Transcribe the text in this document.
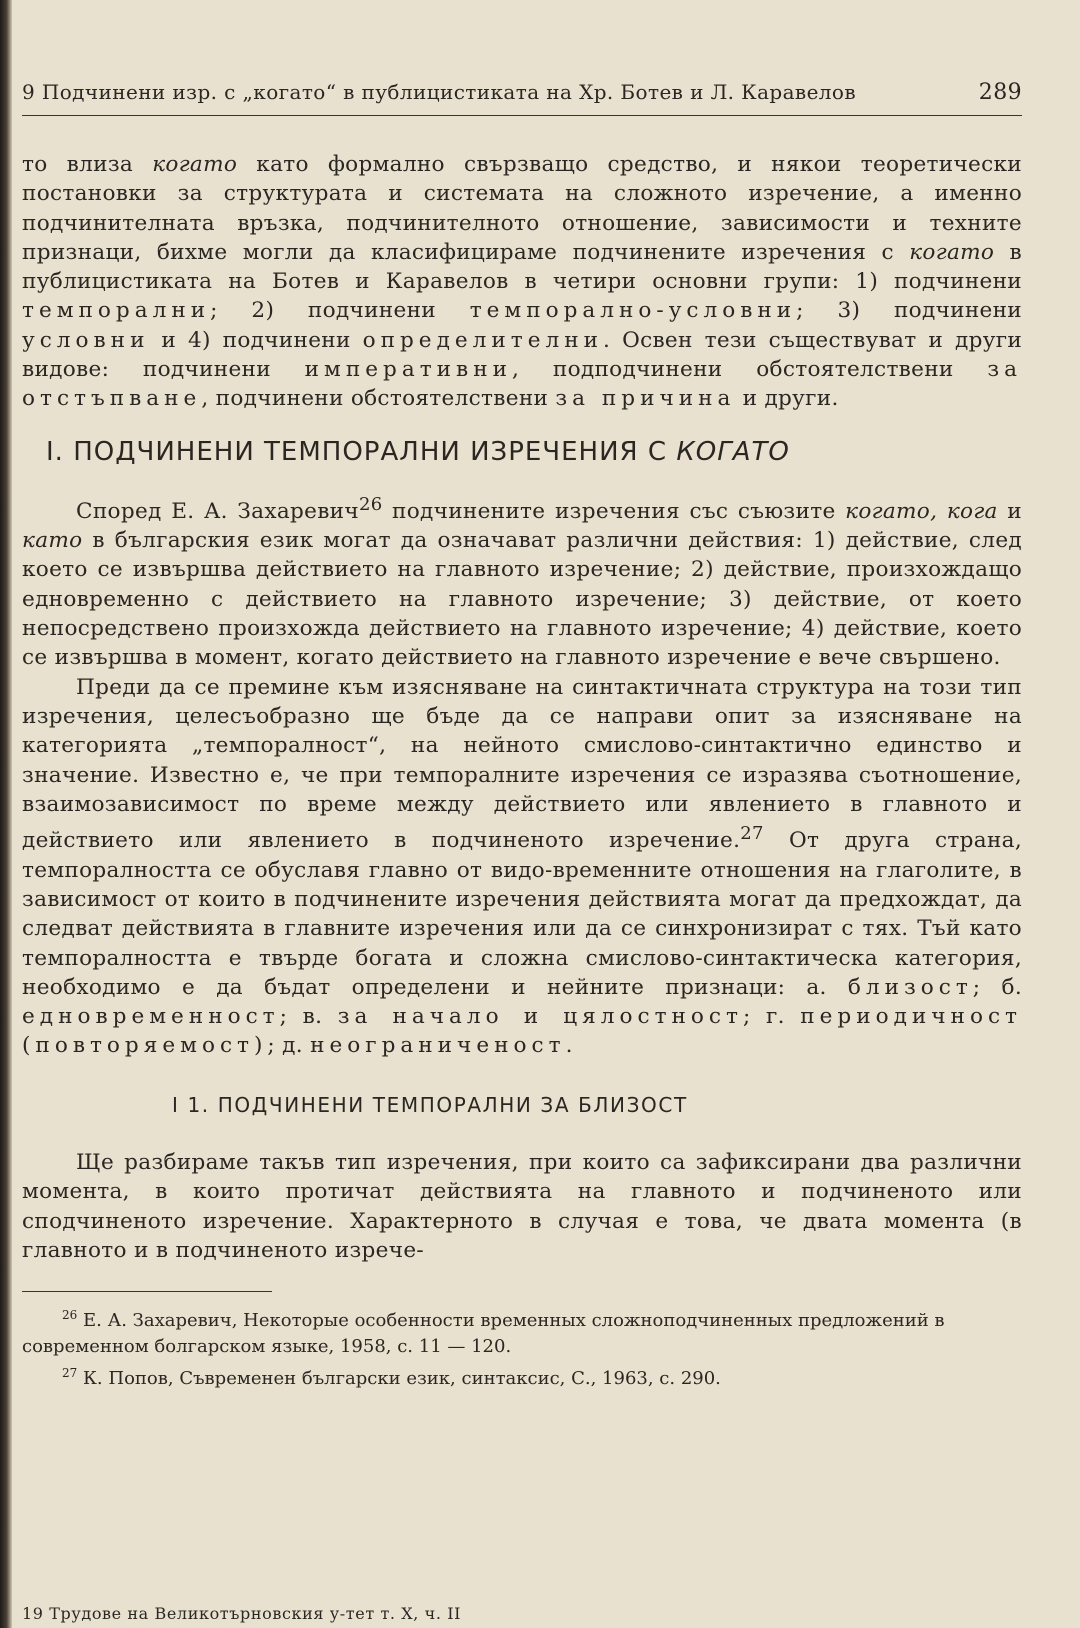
9 Подчинени изр. с „когато“ в публицистиката на Хр. Ботев и Л. Каравелов	289

то влиза когато като формално свързващо средство, и някои теоретически постановки за структурата и системата на сложното изречение, а именно подчинителната връзка, подчинителното отношение, зависимости и техните признаци, бихме могли да класифицираме подчинените изречения с когато в публицистиката на Ботев и Каравелов в четири основни групи: 1) подчинени темпорални; 2) подчинени темпорално-условни; 3) подчинени условни и 4) подчинени определителни. Освен тези съществуват и други видове: подчинени императивни, подподчинени обстоятелствени за отстъпване, подчинени обстоятелствени за причина и други.

I. ПОДЧИНЕНИ ТЕМПОРАЛНИ ИЗРЕЧЕНИЯ С КОГАТО

Според Е. А. Захаревич$^{26}$ подчинените изречения със съюзите когато, кога и като в българския език могат да означават различни действия: 1) действие, след което се извършва действието на главното изречение; 2) действие, произхождащо едновременно с действието на главното изречение; 3) действие, от което непосредствено произхожда действието на главното изречение; 4) действие, което се извършва в момент, когато действието на главното изречение е вече свършено.

Преди да се премине към изясняване на синтактичната структура на този тип изречения, целесъобразно ще бъде да се направи опит за изясняване на категорията „темпоралност“, на нейното смислово-синтактично единство и значение. Известно е, че при темпоралните изречения се изразява съотношение, взаимозависимост по време между действието или явлението в главното и действието или явлението в подчиненото изречение.$^{27}$ От друга страна, темпоралността се обуславя главно от видо-временните отношения на глаголите, в зависимост от които в подчинените изречения действията могат да предхождат, да следват действията в главните изречения или да се синхронизират с тях. Тъй като темпоралността е твърде богата и сложна смислово-синтактическа категория, необходимо е да бъдат определени и нейните признаци: а. близост; б. едновременност; в. за начало и цялостност; г. периодичност (повторяемост); д. неограниченост.

I 1. ПОДЧИНЕНИ ТЕМПОРАЛНИ ЗА БЛИЗОСТ

Ще разбираме такъв тип изречения, при които са зафиксирани два различни момента, в които протичат действията на главното и подчиненото или сподчиненото изречение. Характерното в случая е това, че двата момента (в главното и в подчиненото изрече-

$^{26}$ Е. А. Захаревич, Некоторые особенности временных сложноподчиненных предложений в современном болгарском языке, 1958, с. 11 — 120.

$^{27}$ К. Попов, Съвременен български език, синтаксис, С., 1963, с. 290.

19 Трудове на Великотърновския у-тет т. X, ч. II
